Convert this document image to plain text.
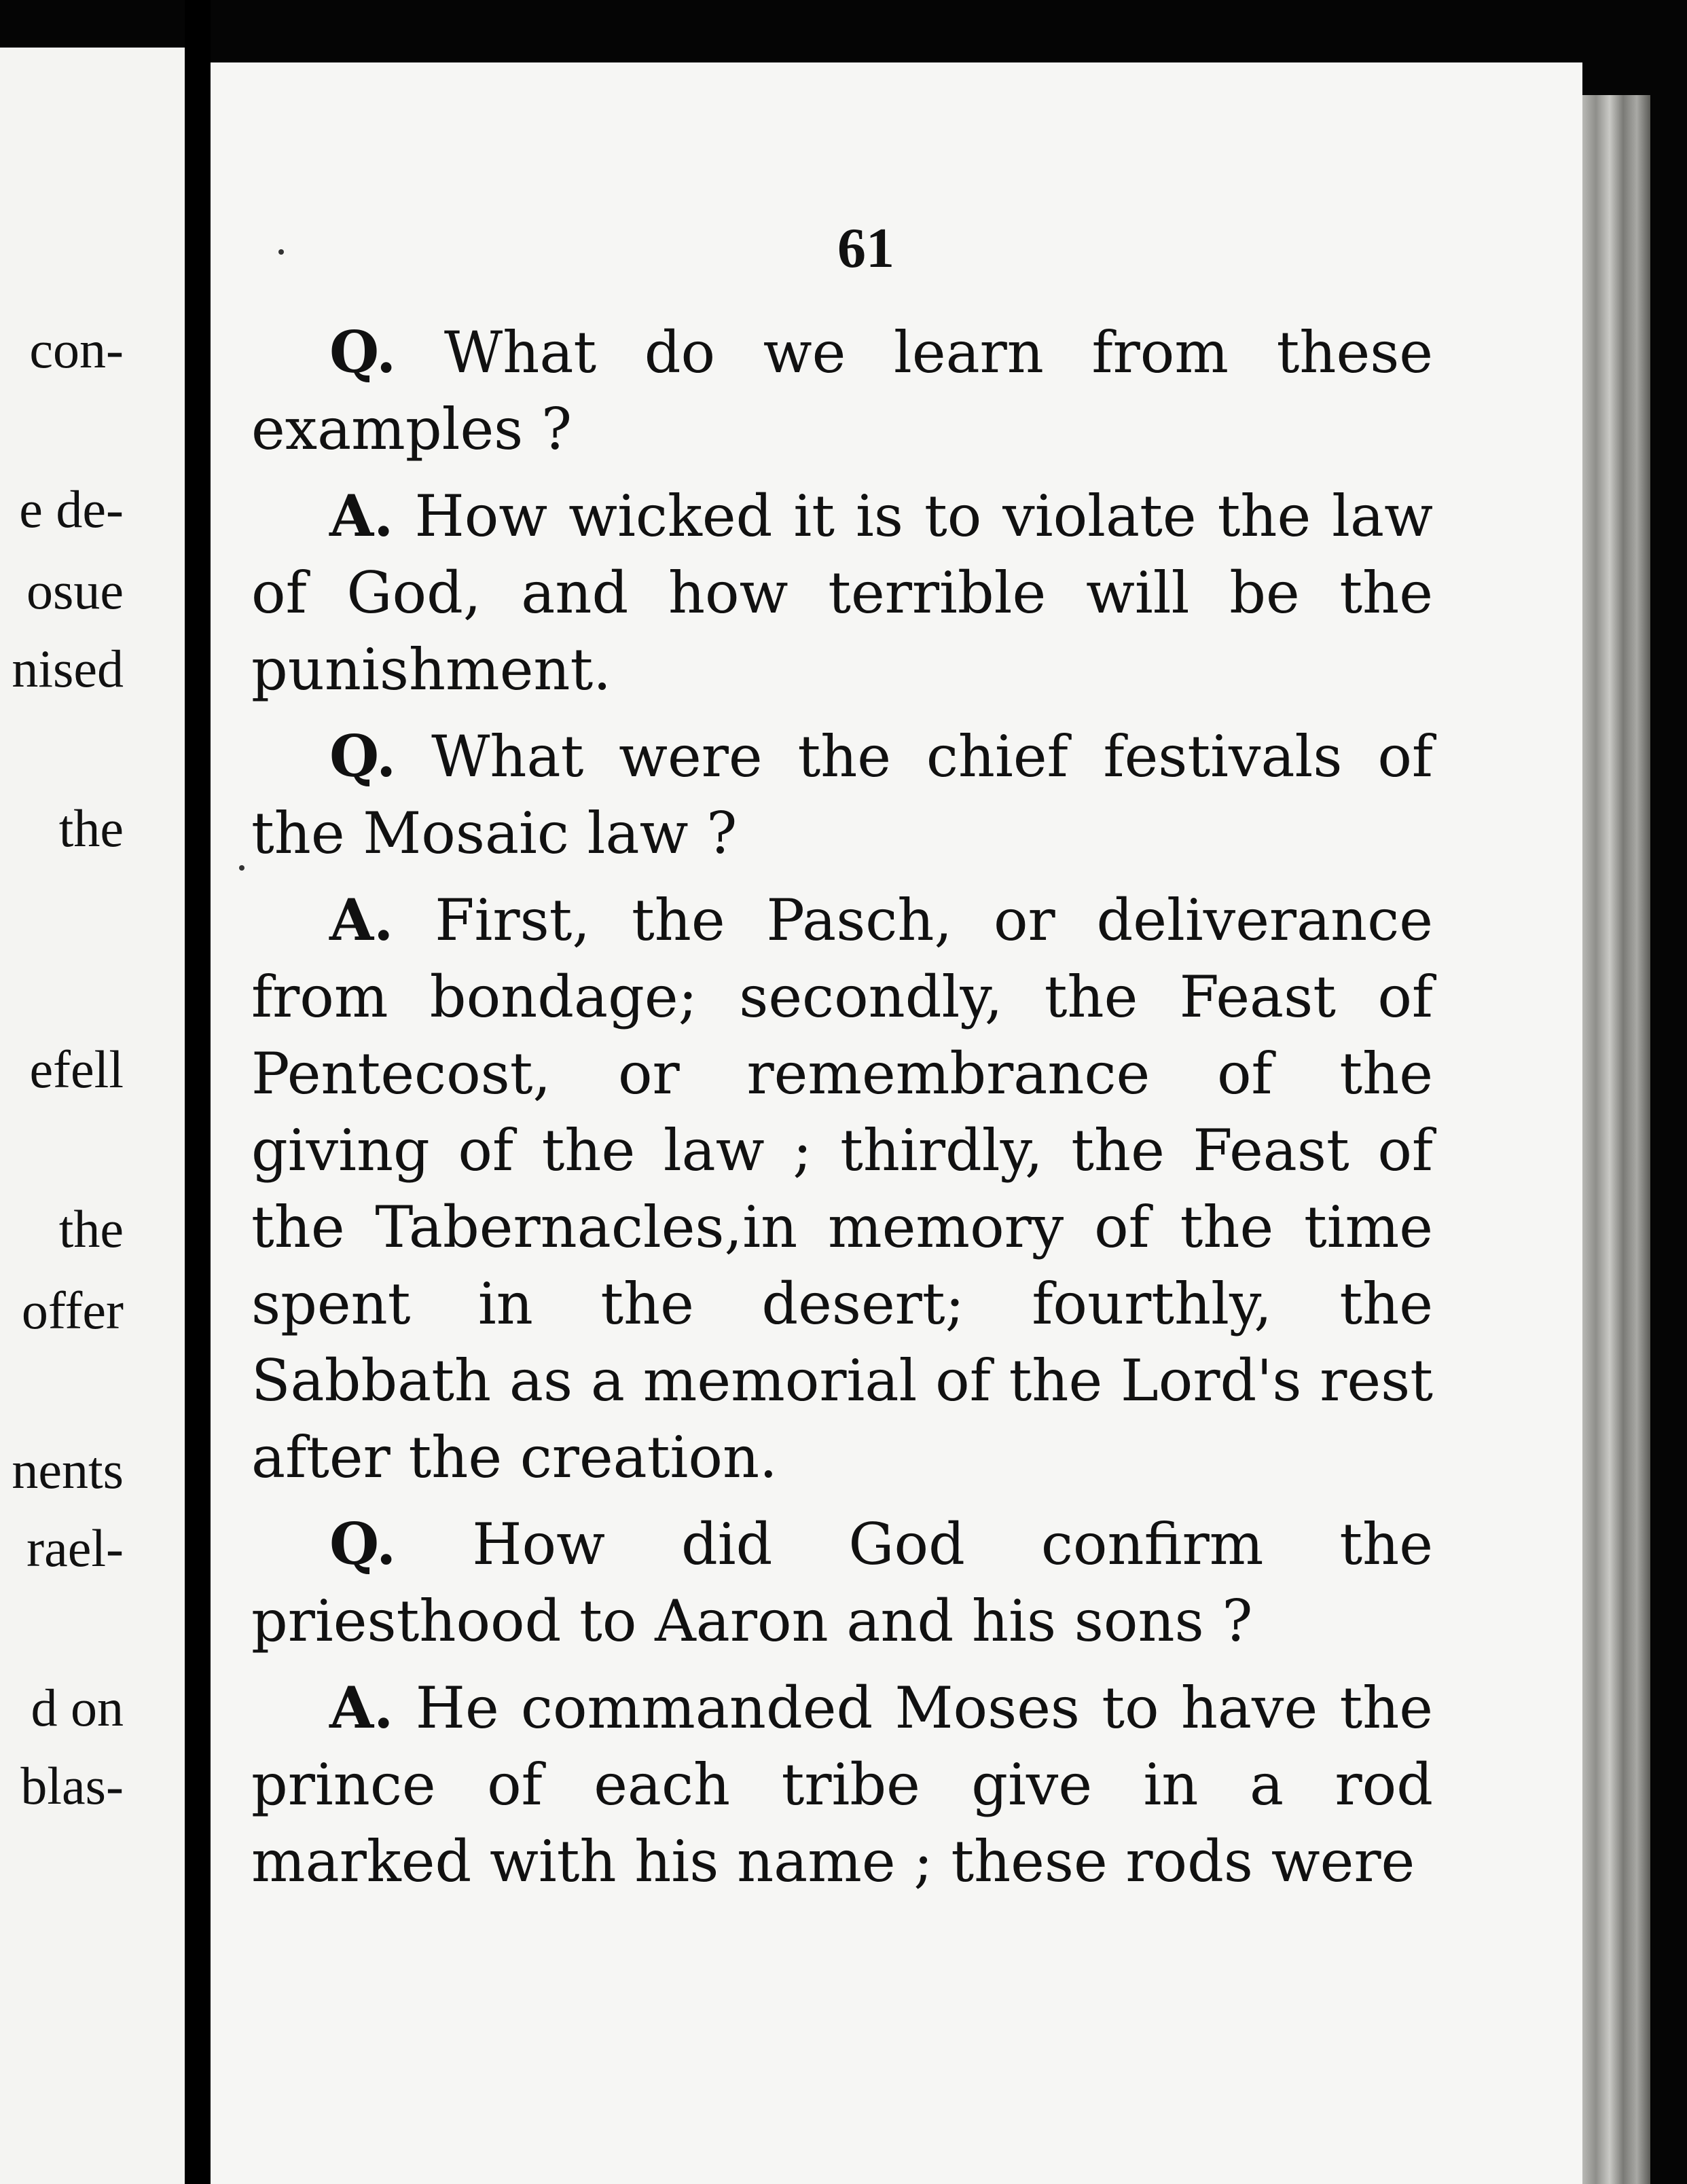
con-
e de-
osue
nised
the
efell
the
offer
nents
rael-
d on
blas-
61

Q. What do we learn from these examples ?

A. How wicked it is to violate the law of God, and how terrible will be the punishment.

Q. What were the chief festivals of the Mosaic law ?

A. First, the Pasch, or deliverance from bondage; secondly, the Feast of Pentecost, or remembrance of the giving of the law ; thirdly, the Feast of the Tabernacles,in memory of the time spent in the desert; fourthly, the Sabbath as a memorial of the Lord's rest after the creation.

Q. How did God confirm the priesthood to Aaron and his sons ?

A. He commanded Moses to have the prince of each tribe give in a rod marked with his name ; these rods were
